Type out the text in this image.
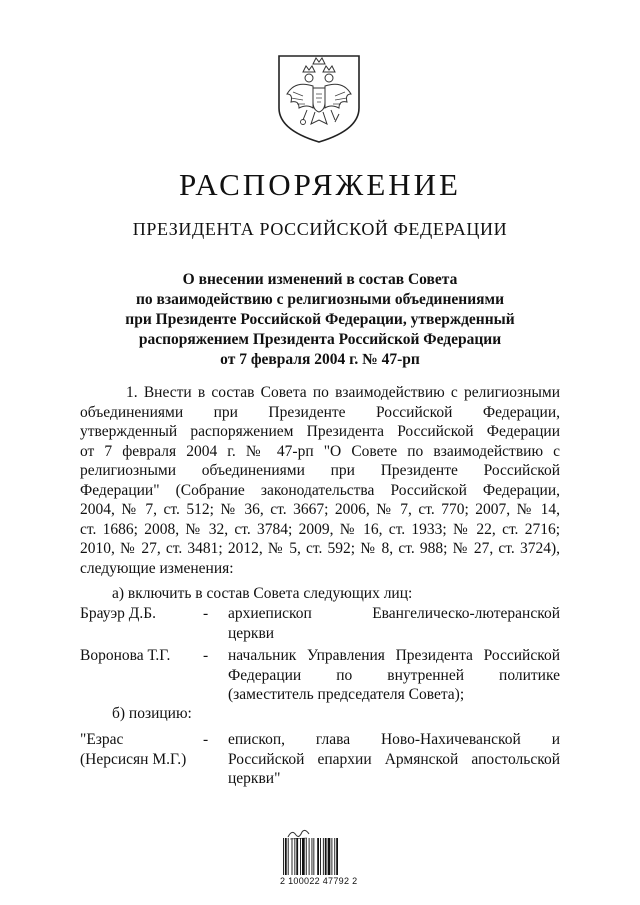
РАСПОРЯЖЕНИЕ
ПРЕЗИДЕНТА РОССИЙСКОЙ ФЕДЕРАЦИИ
О внесении изменений в состав Совета
по взаимодействию с религиозными объединениями
при Президенте Российской Федерации, утвержденный
распоряжением Президента Российской Федерации
от 7 февраля 2004 г. № 47-рп
1. Внести в состав Совета по взаимодействию с религиозными
объединениями при Президенте Российской Федерации,
утвержденный распоряжением Президента Российской Федерации
от 7 февраля 2004 г. № 47-рп "О Совете по взаимодействию с
религиозными объединениями при Президенте Российской
Федерации" (Собрание законодательства Российской Федерации,
2004, № 7, ст. 512; № 36, ст. 3667; 2006, № 7, ст. 770; 2007, № 14,
ст. 1686; 2008, № 32, ст. 3784; 2009, № 16, ст. 1933; № 22, ст. 2716;
2010, № 27, ст. 3481; 2012, № 5, ст. 592; № 8, ст. 988; № 27, ст. 3724),
следующие изменения:
а) включить в состав Совета следующих лиц:
Брауэр Д.Б.	- архиепископ Евангелическо-лютеранской
церкви
Воронова Т.Г.	- начальник Управления Президента Российской
Федерации по внутренней политике
(заместитель председателя Совета);
б) позицию:
"Езрас
(Нерсисян М.Г.)
- епископ, глава Ново-Нахичеванской и
Российской епархии Армянской апостольской
церкви"
2 100022 47792 2
